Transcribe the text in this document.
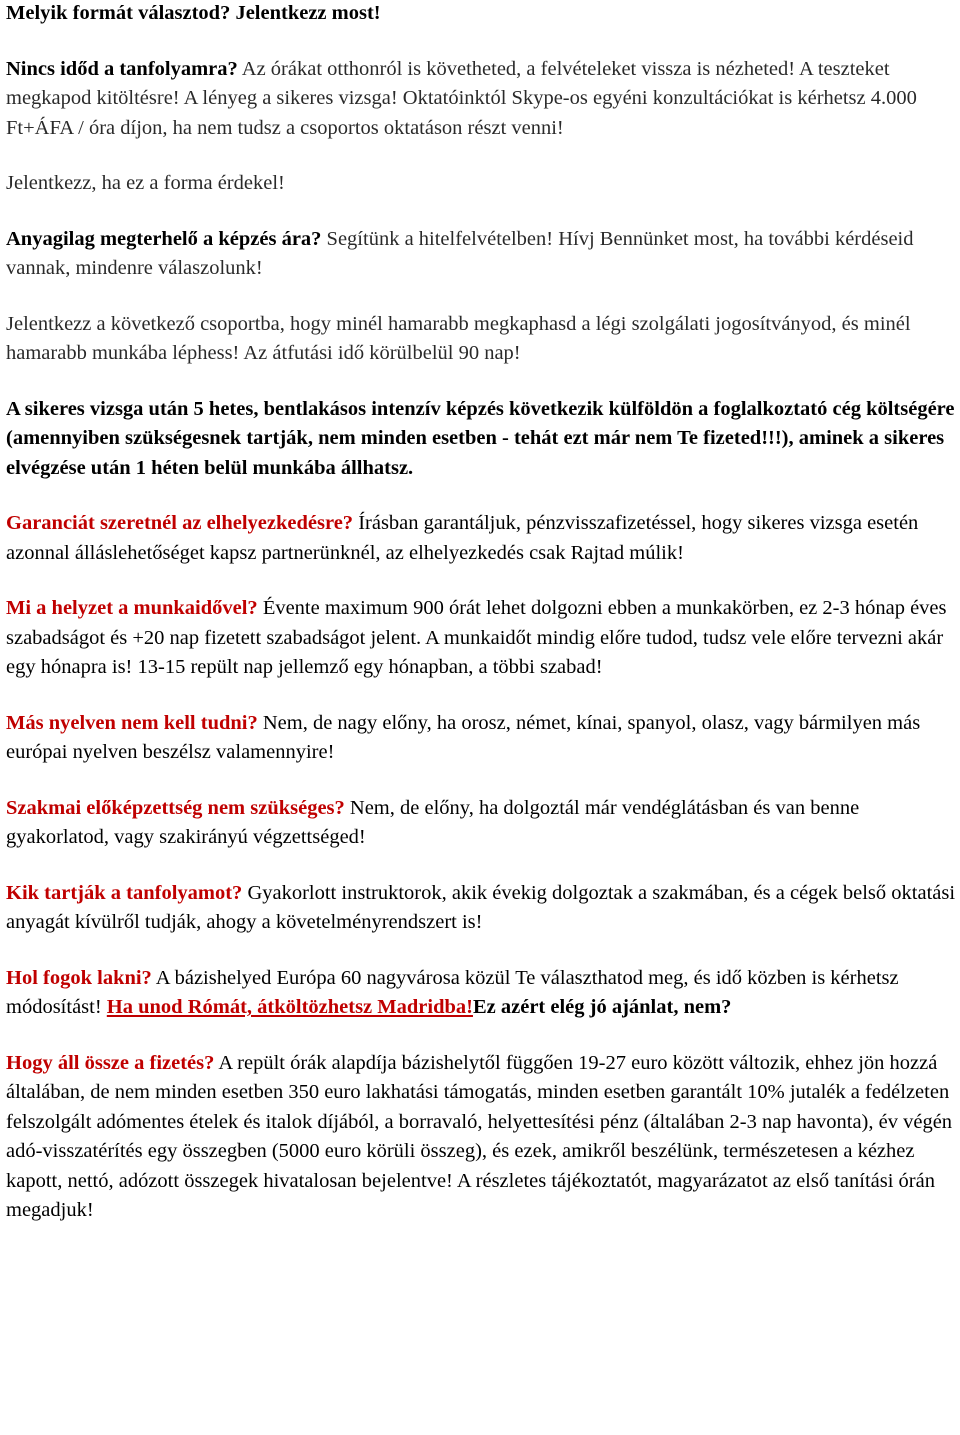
Melyik formát választod? Jelentkezz most!

Nincs időd a tanfolyamra? Az órákat otthonról is követheted, a felvételeket vissza is nézheted! A teszteket megkapod kitöltésre! A lényeg a sikeres vizsga! Oktatóinktól Skype-os egyéni konzultációkat is kérhetsz 4.000 Ft+ÁFA / óra díjon, ha nem tudsz a csoportos oktatáson részt venni!

Jelentkezz, ha ez a forma érdekel!

Anyagilag megterhelő a képzés ára? Segítünk a hitelfelvételben! Hívj Bennünket most, ha további kérdéseid vannak, mindenre válaszolunk!

Jelentkezz a következő csoportba, hogy minél hamarabb megkaphasd a légi szolgálati jogosítványod, és minél hamarabb munkába léphess! Az átfutási idő körülbelül 90 nap!

A sikeres vizsga után 5 hetes, bentlakásos intenzív képzés következik külföldön a foglalkoztató cég költségére (amennyiben szükségesnek tartják, nem minden esetben - tehát ezt már nem Te fizeted!!!), aminek a sikeres elvégzése után 1 héten belül munkába állhatsz.

Garanciát szeretnél az elhelyezkedésre? Írásban garantáljuk, pénzvisszafizetéssel, hogy sikeres vizsga esetén azonnal álláslehetőséget kapsz partnerünknél, az elhelyezkedés csak Rajtad múlik!

Mi a helyzet a munkaidővel? Évente maximum 900 órát lehet dolgozni ebben a munkakörben, ez 2-3 hónap éves szabadságot és +20 nap fizetett szabadságot jelent. A munkaidőt mindig előre tudod, tudsz vele előre tervezni akár egy hónapra is! 13-15 repült nap jellemző egy hónapban, a többi szabad!

Más nyelven nem kell tudni? Nem, de nagy előny, ha orosz, német, kínai, spanyol, olasz, vagy bármilyen más európai nyelven beszélsz valamennyire!

Szakmai előképzettség nem szükséges? Nem, de előny, ha dolgoztál már vendéglátásban és van benne gyakorlatod, vagy szakirányú végzettséged!

Kik tartják a tanfolyamot? Gyakorlott instruktorok, akik évekig dolgoztak a szakmában, és a cégek belső oktatási anyagát kívülről tudják, ahogy a követelményrendszert is!

Hol fogok lakni? A bázishelyed Európa 60 nagyvárosa közül Te választhatod meg, és idő közben is kérhetsz módosítást! Ha unod Rómát, átköltözhetsz Madridba!Ez azért elég jó ajánlat, nem?

Hogy áll össze a fizetés? A repült órák alapdíja bázishelytől függően 19-27 euro között változik, ehhez jön hozzá általában, de nem minden esetben 350 euro lakhatási támogatás, minden esetben garantált 10% jutalék a fedélzeten felszolgált adómentes ételek és italok díjából, a borravaló, helyettesítési pénz (általában 2-3 nap havonta), év végén adó-visszatérítés egy összegben (5000 euro körüli összeg), és ezek, amikről beszélünk, természetesen a kézhez kapott, nettó, adózott összegek hivatalosan bejelentve! A részletes tájékoztatót, magyarázatot az első tanítási órán megadjuk!
